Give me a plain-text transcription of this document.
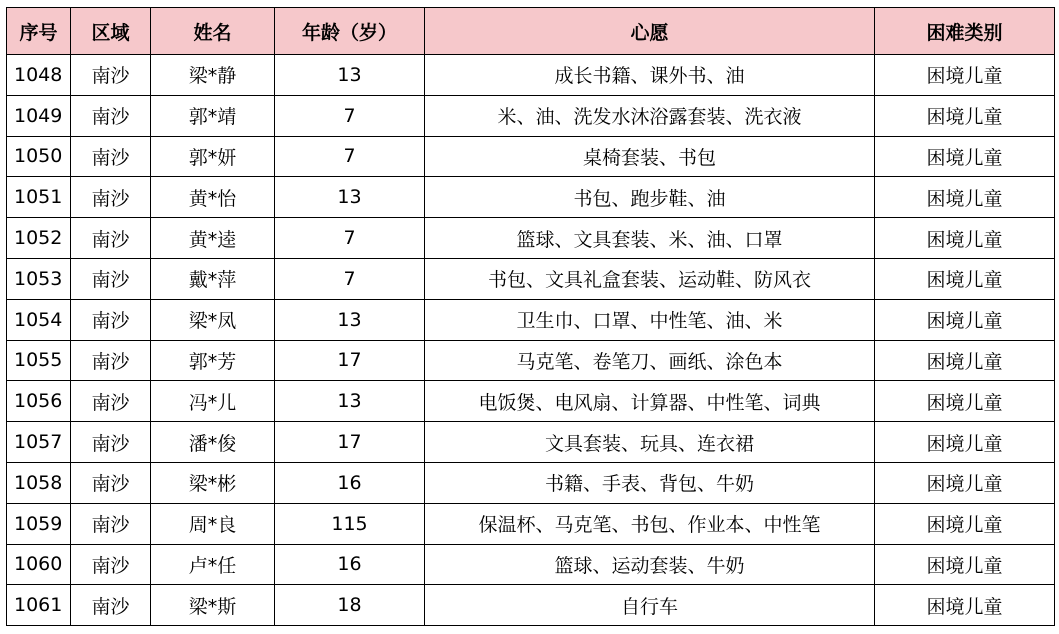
序号	区域	姓名	年龄（岁）	心愿	困难类别
1048	南沙	梁*静	13	成长书籍、课外书、油	困境儿童
1049	南沙	郭*靖	7	米、油、洗发水沐浴露套装、洗衣液	困境儿童
1050	南沙	郭*妍	7	桌椅套装、书包	困境儿童
1051	南沙	黄*怡	13	书包、跑步鞋、油	困境儿童
1052	南沙	黄*逵	7	篮球、文具套装、米、油、口罩	困境儿童
1053	南沙	戴*萍	7	书包、文具礼盒套装、运动鞋、防风衣	困境儿童
1054	南沙	梁*凤	13	卫生巾、口罩、中性笔、油、米	困境儿童
1055	南沙	郭*芳	17	马克笔、卷笔刀、画纸、涂色本	困境儿童
1056	南沙	冯*儿	13	电饭煲、电风扇、计算器、中性笔、词典	困境儿童
1057	南沙	潘*俊	17	文具套装、玩具、连衣裙	困境儿童
1058	南沙	梁*彬	16	书籍、手表、背包、牛奶	困境儿童
1059	南沙	周*良	115	保温杯、马克笔、书包、作业本、中性笔	困境儿童
1060	南沙	卢*任	16	篮球、运动套装、牛奶	困境儿童
1061	南沙	梁*斯	18	自行车	困境儿童
